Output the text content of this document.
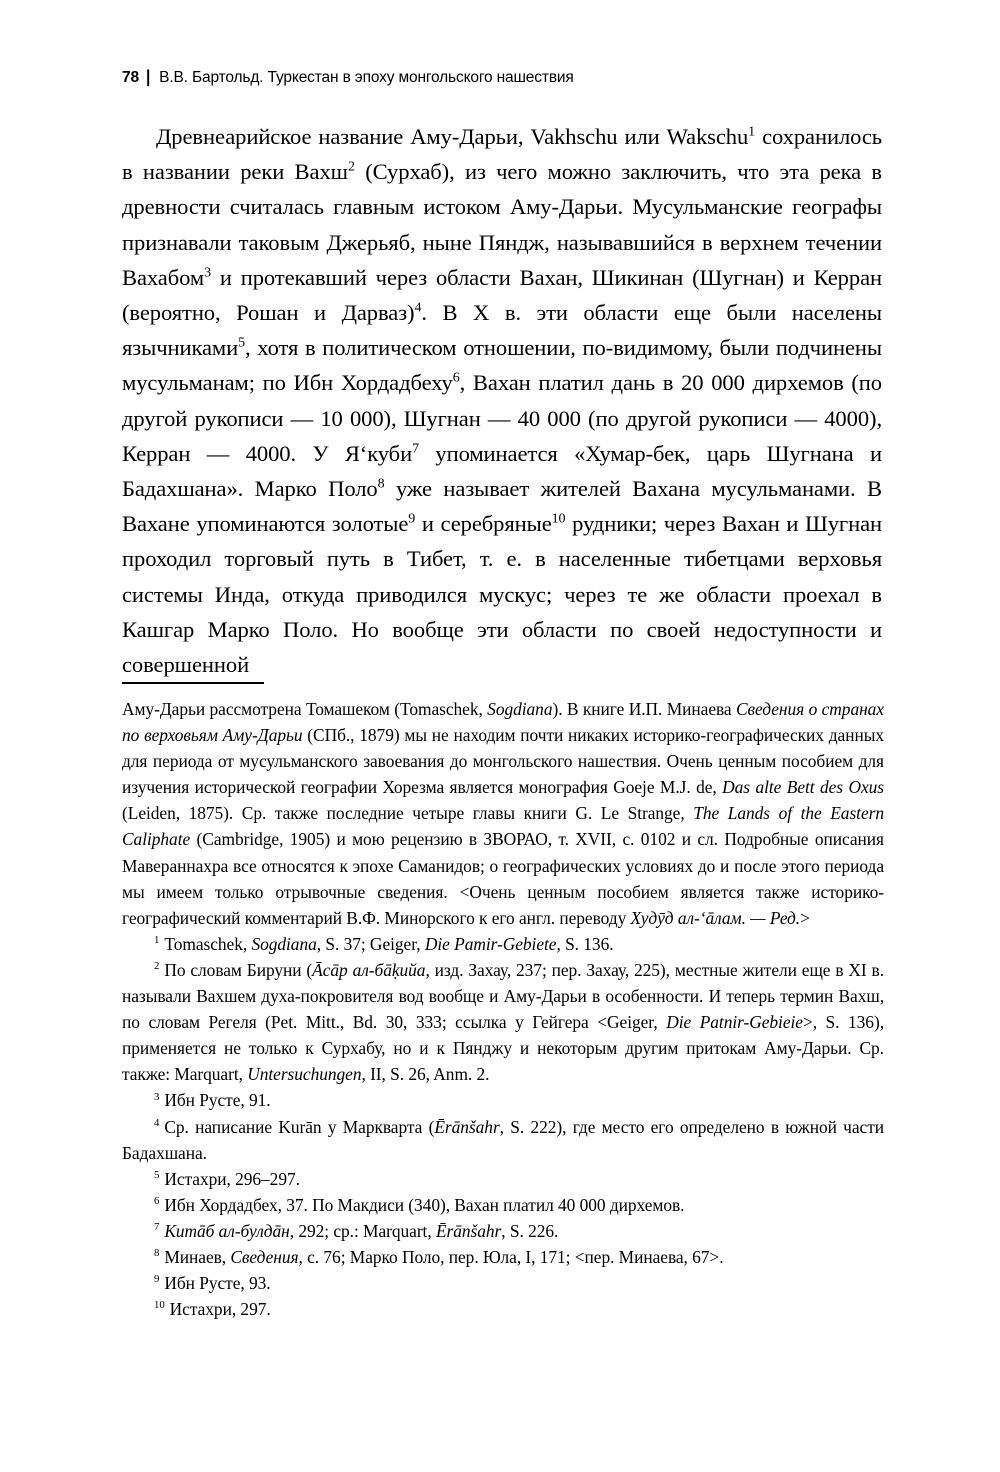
78 | В.В. Бартольд. Туркестан в эпоху монгольского нашествия

Древнеарийское название Аму-Дарьи, Vakhschu или Wakschu$^1$ сохранилось в названии реки Вахш$^2$ (Сурхаб), из чего можно заключить, что эта река в древности считалась главным истоком Аму-Дарьи. Мусульманские географы признавали таковым Джерьяб, ныне Пяндж, называвшийся в верхнем течении Вахабом$^3$ и протекавший через области Вахан, Шикинан (Шугнан) и Керран (вероятно, Рошан и Дарваз)$^4$. В X в. эти области еще были населены язычниками$^5$, хотя в политическом отношении, по-видимому, были подчинены мусульманам; по Ибн Хордадбеху$^6$, Вахан платил дань в 20 000 дирхемов (по другой рукописи — 10 000), Шугнан — 40 000 (по другой рукописи — 4000), Керран — 4000. У Я‘куби$^7$ упоминается «Хумар-бек, царь Шугнана и Бадахшана». Марко Поло$^8$ уже называет жителей Вахана мусульманами. В Вахане упоминаются золотые$^9$ и серебряные$^{10}$ рудники; через Вахан и Шугнан проходил торговый путь в Тибет, т. е. в населенные тибетцами верховья системы Инда, откуда приводился мускус; через те же области проехал в Кашгар Марко Поло. Но вообще эти области по своей недоступности и совершенной

Аму-Дарьи рассмотрена Томашеком (Tomaschek, Sogdiana). В книге И.П. Минаева Сведения о странах по верховьям Аму-Дарьи (СПб., 1879) мы не находим почти никаких историко-географических данных для периода от мусульманского завоевания до монгольского нашествия. Очень ценным пособием для изучения исторической географии Хорезма является монография Goeje M.J. de, Das alte Bett des Oxus (Leiden, 1875). Ср. также последние четыре главы книги G. Le Strange, The Lands of the Eastern Caliphate (Cambridge, 1905) и мою рецензию в ЗВОРАО, т. XVII, с. 0102 и сл. Подробные описания Мавераннахра все относятся к эпохе Саманидов; о географических условиях до и после этого периода мы имеем только отрывочные сведения. <Очень ценным пособием является также историко-географический комментарий В.Ф. Минорского к его англ. переводу Худӯд ал-‘āлам. — Ред.>

$^1$ Tomaschek, Sogdiana, S. 37; Geiger, Die Pamir-Gebiete, S. 136.

$^2$ По словам Бируни (Āсāр ал-бāḳийа, изд. Захау, 237; пер. Захау, 225), местные жители еще в XI в. называли Вахшем духа-покровителя вод вообще и Аму-Дарьи в особенности. И теперь термин Вахш, по словам Регеля (Pet. Mitt., Bd. 30, 333; ссылка у Гейгера <Geiger, Die Patnir-Gebieie>, S. 136), применяется не только к Сурхабу, но и к Пянджу и некоторым другим притокам Аму-Дарьи. Ср. также: Marquart, Untersuchungen, II, S. 26, Anm. 2.

$^3$ Ибн Русте, 91.

$^4$ Ср. написание Kurān у Маркварта (Ērānšahr, S. 222), где место его определено в южной части Бадахшана.

$^5$ Истахри, 296–297.

$^6$ Ибн Хордадбех, 37. По Макдиси (340), Вахан платил 40 000 дирхемов.

$^7$ Китāб ал-булдāн, 292; ср.: Marquart, Ērānšahr, S. 226.

$^8$ Минаев, Сведения, с. 76; Марко Поло, пер. Юла, I, 171; <пер. Минаева, 67>.

$^9$ Ибн Русте, 93.

$^{10}$ Истахри, 297.
